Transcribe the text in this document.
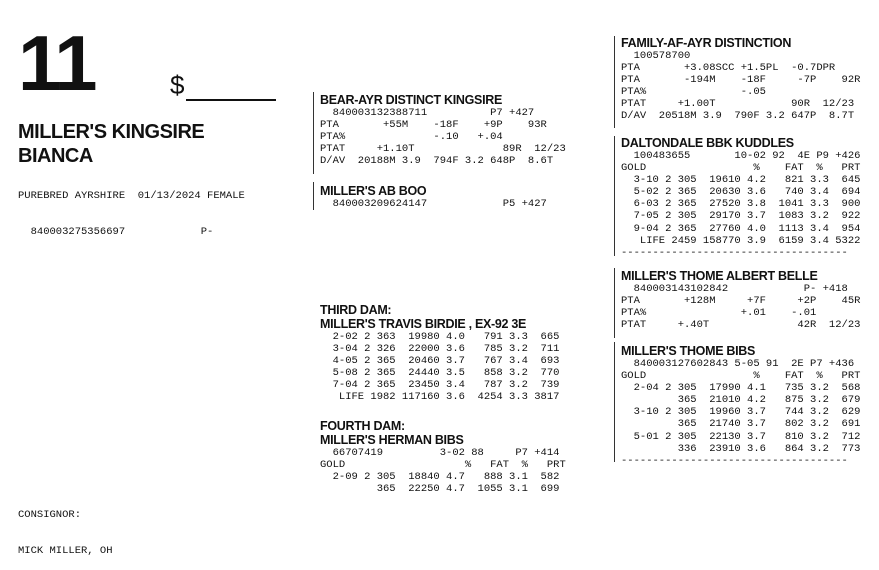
11	$
MILLER'S KINGSIRE
BIANCA

PUREBRED AYRSHIRE  01/13/2024 FEMALE

840003275356697            P-

CONSIGNOR:

MICK MILLER, OH

BEAR-AYR DISTINCT KINGSIRE
840003132388711          P7 +427
PTA       +55M    -18F    +9P    93R
PTA%              -.10   +.04
PTAT     +1.10T              89R  12/23
D/AV  20188M 3.9  794F 3.2 648P  8.6T
MILLER'S AB BOO
840003209624147            P5 +427
THIRD DAM:
MILLER'S TRAVIS BIRDIE , EX-92 3E
2-02 2 363  19980 4.0   791 3.3  665
3-04 2 326  22000 3.6   785 3.2  711
4-05 2 365  20460 3.7   767 3.4  693
5-08 2 365  24440 3.5   858 3.2  770
7-04 2 365  23450 3.4   787 3.2  739
LIFE 1982 117160 3.6  4254 3.3 3817
FOURTH DAM:
MILLER'S HERMAN BIBS
66707419         3-02 88     P7 +414
GOLD                   %   FAT  %   PRT
2-09 2 305  18840 4.7   888 3.1  582
365  22250 4.7  1055 3.1  699
FAMILY-AF-AYR DISTINCTION
100578700
PTA       +3.08SCC +1.5PL  -0.7DPR
PTA       -194M    -18F     -7P    92R
PTA%               -.05
PTAT     +1.00T            90R  12/23
D/AV  20518M 3.9  790F 3.2 647P  8.7T
DALTONDALE BBK KUDDLES
100483655       10-02 92  4E P9 +426
GOLD                 %    FAT  %   PRT
3-10 2 305  19610 4.2   821 3.3  645
5-02 2 365  20630 3.6   740 3.4  694
6-03 2 365  27520 3.8  1041 3.3  900
7-05 2 305  29170 3.7  1083 3.2  922
9-04 2 365  27760 4.0  1113 3.4  954
LIFE 2459 158770 3.9  6159 3.4 5322
------------------------------------
MILLER'S THOME ALBERT BELLE
840003143102842            P- +418
PTA       +128M     +7F     +2P    45R
PTA%               +.01    -.01
PTAT     +.40T              42R  12/23
MILLER'S THOME BIBS
840003127602843 5-05 91  2E P7 +436
GOLD                 %    FAT  %   PRT
2-04 2 305  17990 4.1   735 3.2  568
365  21010 4.2   875 3.2  679
3-10 2 305  19960 3.7   744 3.2  629
365  21740 3.7   802 3.2  691
5-01 2 305  22130 3.7   810 3.2  712
336  23910 3.6   864 3.2  773
------------------------------------
